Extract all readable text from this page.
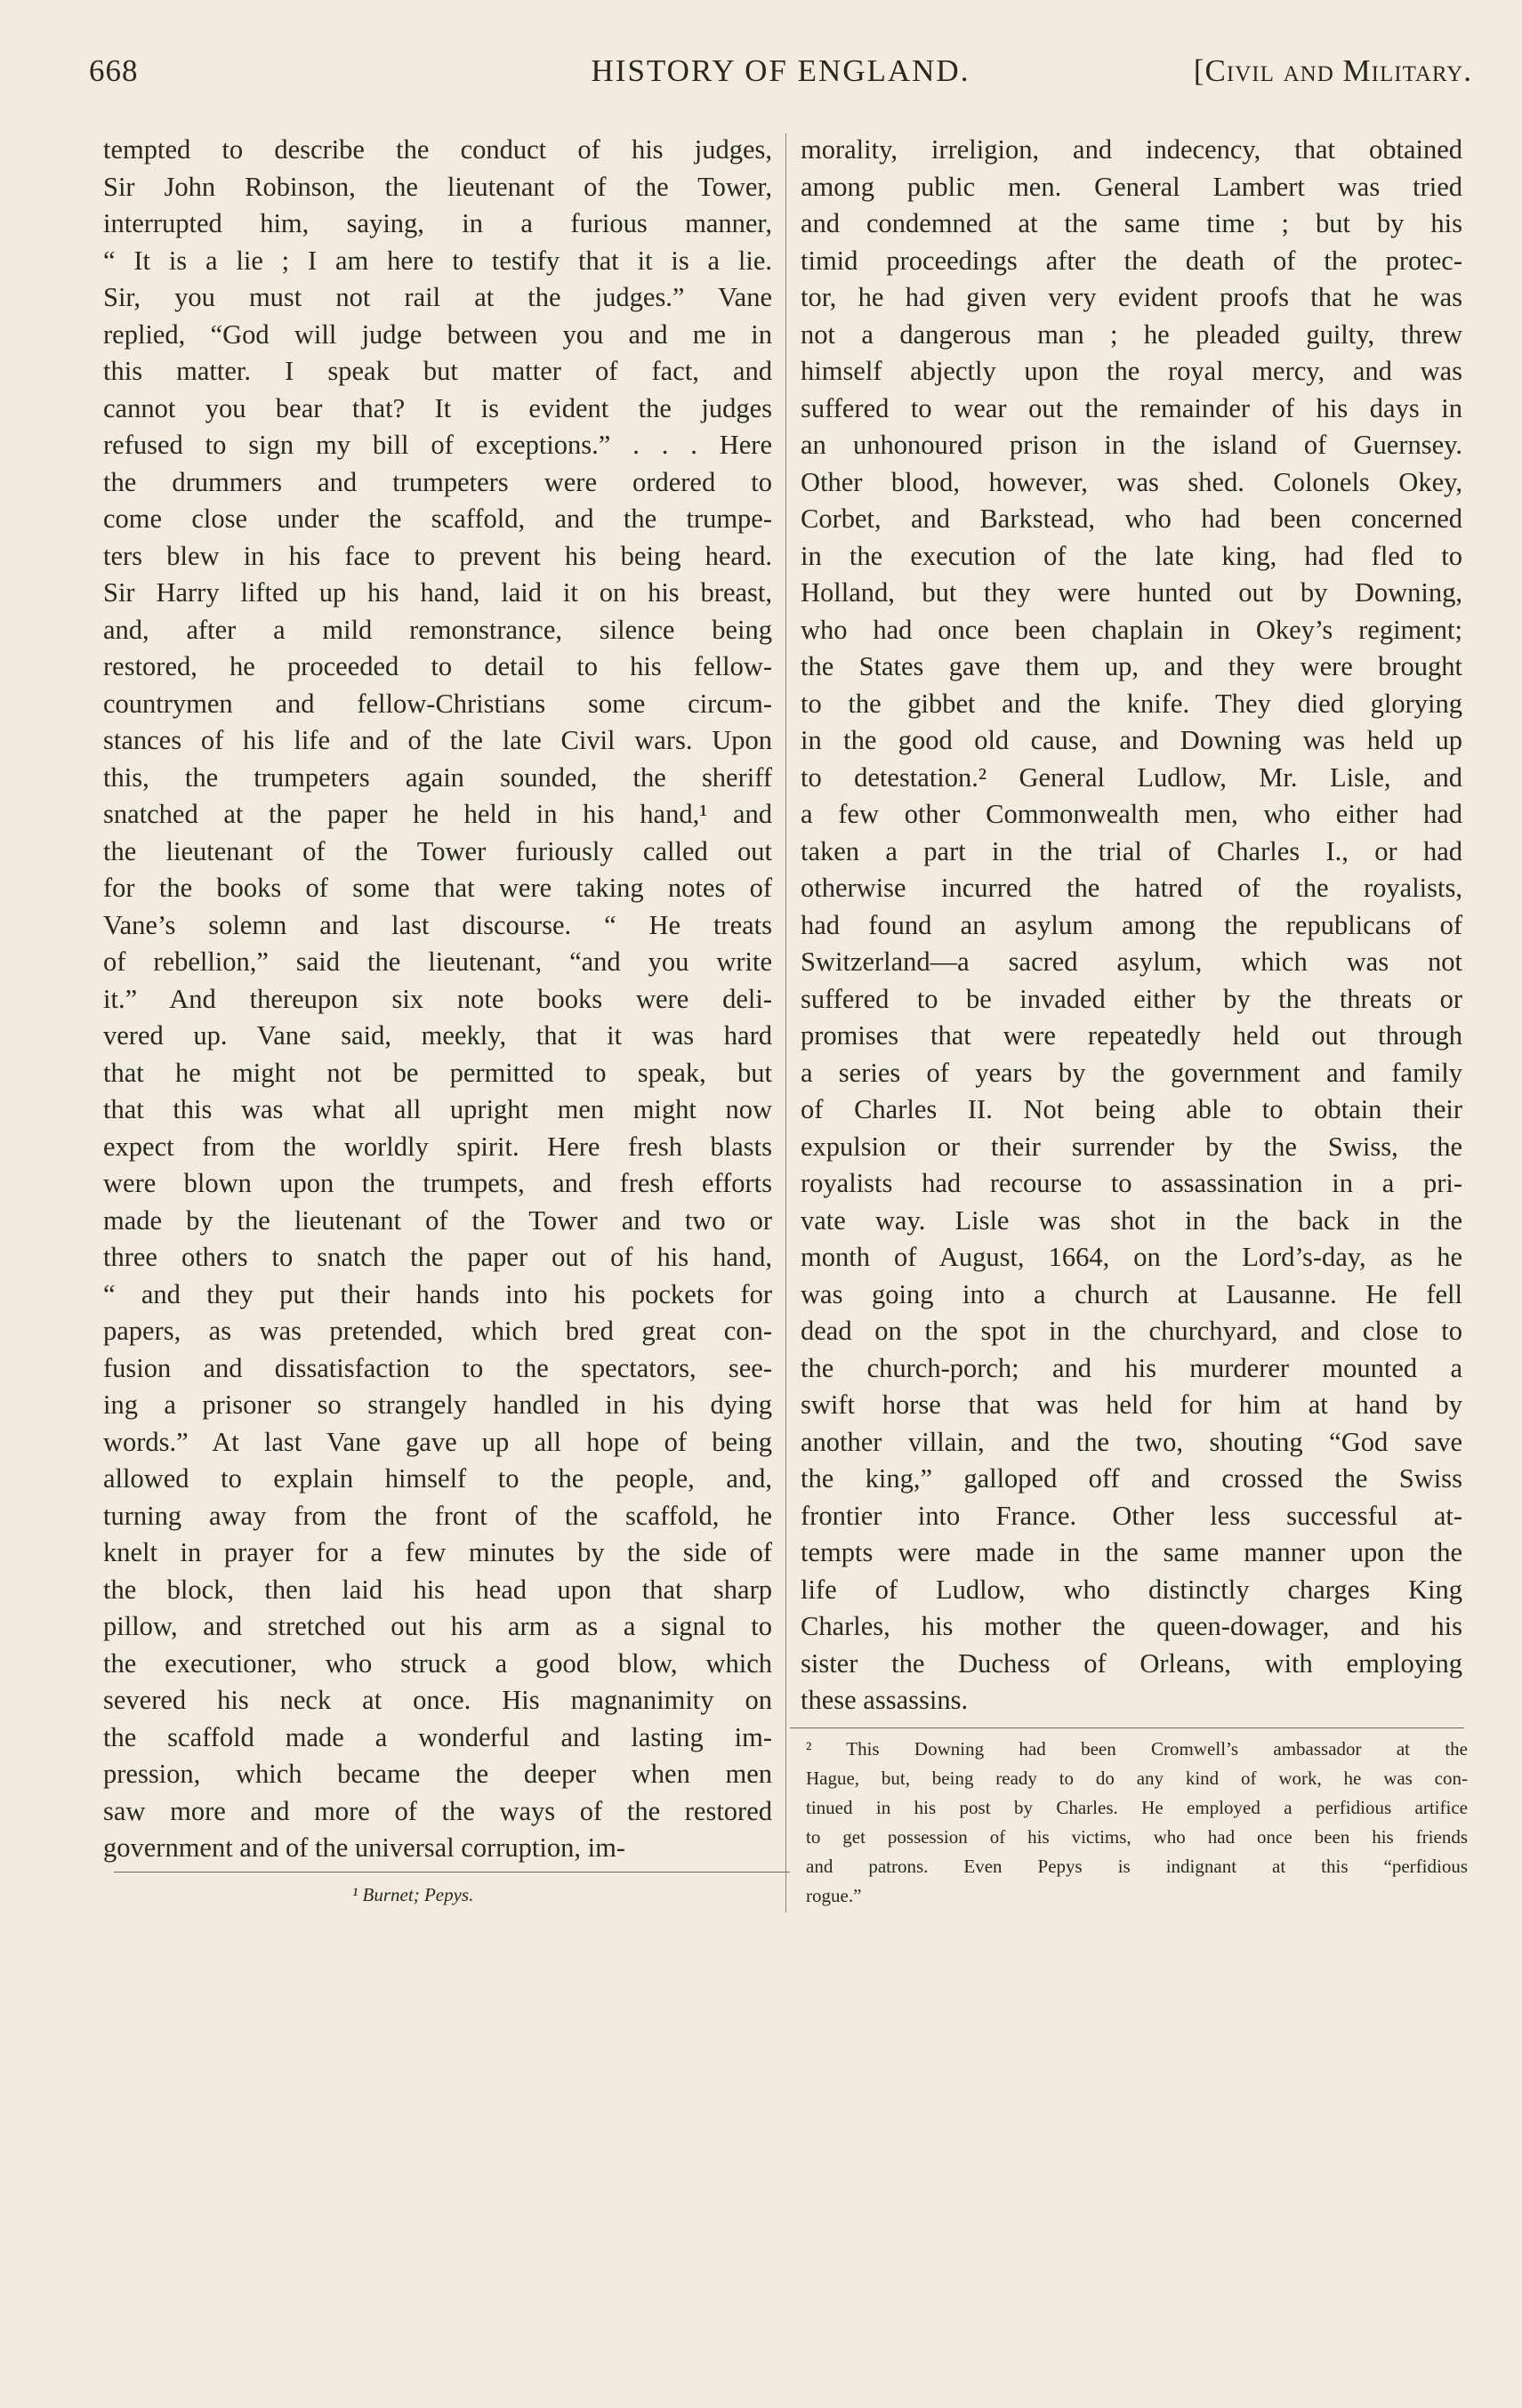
668	HISTORY OF ENGLAND.	[Civil and Military.

tempted to describe the conduct of his judges,

Sir John Robinson, the lieutenant of the Tower,

interrupted him, saying, in a furious manner,

“ It is a lie ; I am here to testify that it is a lie.

Sir, you must not rail at the judges.” Vane

replied, “God will judge between you and me in

this matter. I speak but matter of fact, and

cannot you bear that? It is evident the judges

refused to sign my bill of exceptions.” . . . Here

the drummers and trumpeters were ordered to

come close under the scaffold, and the trumpe-

ters blew in his face to prevent his being heard.

Sir Harry lifted up his hand, laid it on his breast,

and, after a mild remonstrance, silence being

restored, he proceeded to detail to his fellow-

countrymen and fellow-Christians some circum-

stances of his life and of the late Civil wars. Upon

this, the trumpeters again sounded, the sheriff

snatched at the paper he held in his hand,¹ and

the lieutenant of the Tower furiously called out

for the books of some that were taking notes of

Vane’s solemn and last discourse. “ He treats

of rebellion,” said the lieutenant, “and you write

it.” And thereupon six note books were deli-

vered up. Vane said, meekly, that it was hard

that he might not be permitted to speak, but

that this was what all upright men might now

expect from the worldly spirit. Here fresh blasts

were blown upon the trumpets, and fresh efforts

made by the lieutenant of the Tower and two or

three others to snatch the paper out of his hand,

“ and they put their hands into his pockets for

papers, as was pretended, which bred great con-

fusion and dissatisfaction to the spectators, see-

ing a prisoner so strangely handled in his dying

words.” At last Vane gave up all hope of being

allowed to explain himself to the people, and,

turning away from the front of the scaffold, he

knelt in prayer for a few minutes by the side of

the block, then laid his head upon that sharp

pillow, and stretched out his arm as a signal to

the executioner, who struck a good blow, which

severed his neck at once. His magnanimity on

the scaffold made a wonderful and lasting im-

pression, which became the deeper when men

saw more and more of the ways of the restored

government and of the universal corruption, im-

morality, irreligion, and indecency, that obtained

among public men. General Lambert was tried

and condemned at the same time ; but by his

timid proceedings after the death of the protec-

tor, he had given very evident proofs that he was

not a dangerous man ; he pleaded guilty, threw

himself abjectly upon the royal mercy, and was

suffered to wear out the remainder of his days in

an unhonoured prison in the island of Guernsey.

Other blood, however, was shed. Colonels Okey,

Corbet, and Barkstead, who had been concerned

in the execution of the late king, had fled to

Holland, but they were hunted out by Downing,

who had once been chaplain in Okey’s regiment;

the States gave them up, and they were brought

to the gibbet and the knife. They died glorying

in the good old cause, and Downing was held up

to detestation.² General Ludlow, Mr. Lisle, and

a few other Commonwealth men, who either had

taken a part in the trial of Charles I., or had

otherwise incurred the hatred of the royalists,

had found an asylum among the republicans of

Switzerland—a sacred asylum, which was not

suffered to be invaded either by the threats or

promises that were repeatedly held out through

a series of years by the government and family

of Charles II. Not being able to obtain their

expulsion or their surrender by the Swiss, the

royalists had recourse to assassination in a pri-

vate way. Lisle was shot in the back in the

month of August, 1664, on the Lord’s-day, as he

was going into a church at Lausanne. He fell

dead on the spot in the churchyard, and close to

the church-porch; and his murderer mounted a

swift horse that was held for him at hand by

another villain, and the two, shouting “God save

the king,” galloped off and crossed the Swiss

frontier into France. Other less successful at-

tempts were made in the same manner upon the

life of Ludlow, who distinctly charges King

Charles, his mother the queen-dowager, and his

sister the Duchess of Orleans, with employing

these assassins.

² This Downing had been Cromwell’s ambassador at the

Hague, but, being ready to do any kind of work, he was con-

tinued in his post by Charles. He employed a perfidious artifice

to get possession of his victims, who had once been his friends

and patrons. Even Pepys is indignant at this “perfidious

rogue.”

¹ Burnet; Pepys.
